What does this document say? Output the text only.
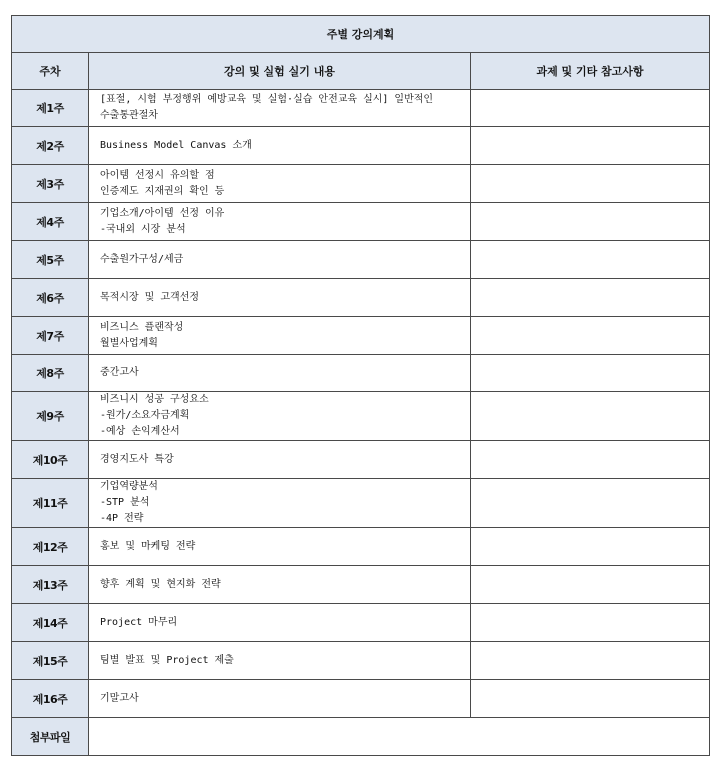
주별 강의계획		
주차	강의 및 실험 실기 내용	과제 및 기타 참고사항
제1주	[표절, 시험 부정행위 예방교육 및 실험·실습 안전교육 실시] 일반적인
수출통관절차	

제2주	Business Model Canvas 소개	

제3주	아이템 선정시 유의할 점
인증제도 지재권의 확인 등	

제4주	기업소개/아이템 선정 이유
-국내외 시장 분석	

제5주	수출원가구성/세금	

제6주	목적시장 및 고객선정	

제7주	비즈니스 플랜작성
월별사업계획	

제8주	중간고사	

제9주	비즈니시 성공 구성요소
-원가/소요자금계획
-예상 손익계산서	

제10주	경영지도사 특강	

제11주	기업역량분석
-STP 분석
-4P 전략	

제12주	홍보 및 마케팅 전략	

제13주	향후 계획 및 현지화 전략	

제14주	Project 마무리	

제15주	팀별 발표 및 Project 제출	

제16주	기말고사	

첨부파일		
